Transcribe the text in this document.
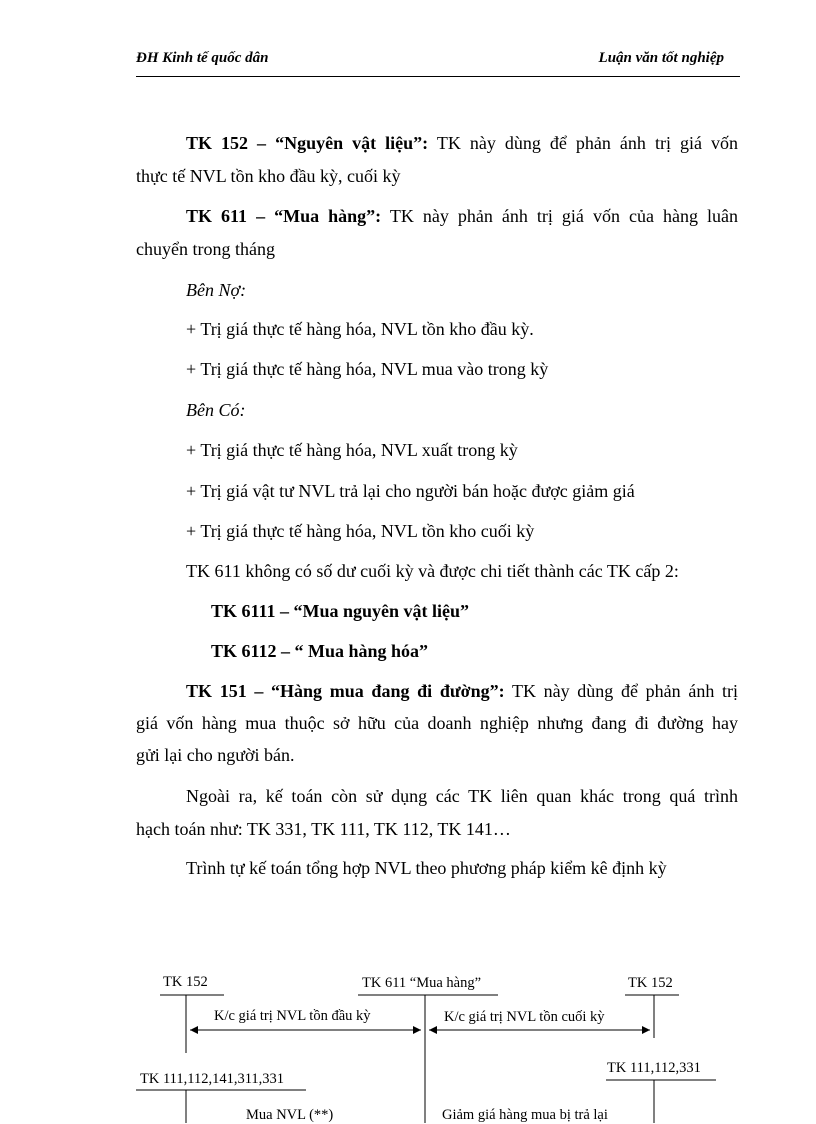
ĐH Kinh tế quốc dân	Luận văn tốt nghiệp
TK 152 – “Nguyên vật liệu”: TK này dùng để phản ánh trị giá vốn

thực tế NVL tồn kho đầu kỳ, cuối kỳ

TK 611 – “Mua hàng”: TK này phản ánh trị giá vốn của hàng luân

chuyển trong tháng

Bên Nợ:

+ Trị giá thực tế hàng hóa, NVL tồn kho đầu kỳ.

+ Trị giá thực tế hàng hóa, NVL mua vào trong kỳ

Bên Có:

+ Trị giá thực tế hàng hóa, NVL xuất trong kỳ

+ Trị giá vật tư NVL trả lại cho người bán hoặc được giảm giá

+ Trị giá thực tế hàng hóa, NVL tồn kho cuối kỳ

TK 611 không có số dư cuối kỳ và được chi tiết thành các TK cấp 2:

TK 6111 – “Mua nguyên vật liệu”

TK 6112 – “ Mua hàng hóa”

TK 151 – “Hàng mua đang đi đường”: TK này dùng để phản ánh trị
giá vốn hàng mua thuộc sở hữu của doanh nghiệp nhưng đang đi đường hay

gửi lại cho người bán.

Ngoài ra, kế toán còn sử dụng các TK liên quan khác trong quá trình

hạch toán như: TK 331, TK 111, TK 112, TK 141…

Trình tự kế toán tổng hợp NVL theo phương pháp kiểm kê định kỳ

TK 152	TK 611 “Mua hàng”	TK 152
K/c giá trị NVL tồn đầu kỳ	K/c giá trị NVL tồn cuối kỳ
TK 111,112,141,311,331
TK 111,112,331
Mua NVL (**)	Giảm giá hàng mua bị trả lại
